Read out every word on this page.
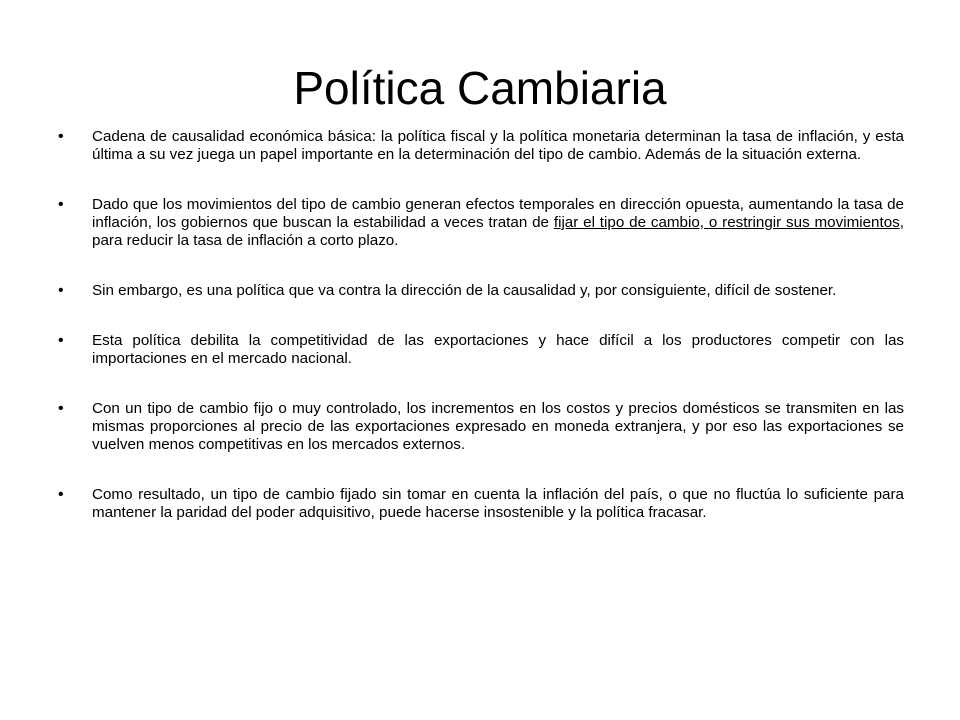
Política Cambiaria
• Cadena de causalidad económica básica: la política fiscal y la política monetaria determinan la tasa de inflación, y esta última a su vez juega un papel importante en la determinación del tipo de cambio. Además de la situación externa.
• Dado que los movimientos del tipo de cambio generan efectos temporales en dirección opuesta, aumentando la tasa de inflación, los gobiernos que buscan la estabilidad a veces tratan de fijar el tipo de cambio, o restringir sus movimientos, para reducir la tasa de inflación a corto plazo.
• Sin embargo, es una política que va contra la dirección de la causalidad y, por consiguiente, difícil de sostener.
• Esta política debilita la competitividad de las exportaciones y hace difícil a los productores competir con las importaciones en el mercado nacional.
• Con un tipo de cambio fijo o muy controlado, los incrementos en los costos y precios domésticos se transmiten en las mismas proporciones al precio de las exportaciones expresado en moneda extranjera, y por eso las exportaciones se vuelven menos competitivas en los mercados externos.
• Como resultado, un tipo de cambio fijado sin tomar en cuenta la inflación del país, o que no fluctúa lo suficiente para mantener la paridad del poder adquisitivo, puede hacerse insostenible y la política fracasar.
